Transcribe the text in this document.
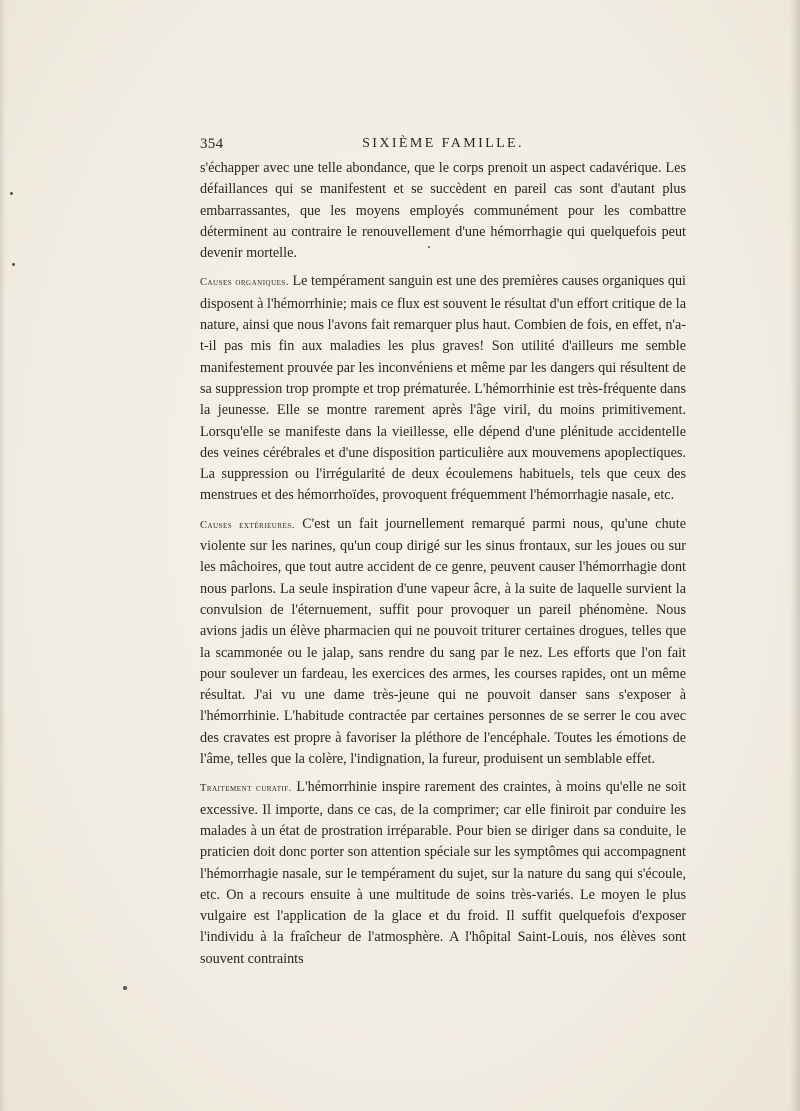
354	SIXIÈME FAMILLE.

s'échapper avec une telle abondance, que le corps prenoit un aspect cadavérique. Les défaillances qui se manifestent et se succèdent en pareil cas sont d'autant plus embarrassantes, que les moyens employés communément pour les combattre déterminent au contraire le renouvellement d'une hémorrhagie qui quelquefois peut devenir mortelle.

Causes organiques. Le tempérament sanguin est une des premières causes organiques qui disposent à l'hémorrhinie; mais ce flux est souvent le résultat d'un effort critique de la nature, ainsi que nous l'avons fait remarquer plus haut. Combien de fois, en effet, n'a-t-il pas mis fin aux maladies les plus graves! Son utilité d'ailleurs me semble manifestement prouvée par les inconvéniens et même par les dangers qui résultent de sa suppression trop prompte et trop prématurée. L'hémorrhinie est très-fréquente dans la jeunesse. Elle se montre rarement après l'âge viril, du moins primitivement. Lorsqu'elle se manifeste dans la vieillesse, elle dépend d'une plénitude accidentelle des veines cérébrales et d'une disposition particulière aux mouvemens apoplectiques. La suppression ou l'irrégularité de deux écoulemens habituels, tels que ceux des menstrues et des hémorrhoïdes, provoquent fréquemment l'hémorrhagie nasale, etc.

Causes extérieures. C'est un fait journellement remarqué parmi nous, qu'une chute violente sur les narines, qu'un coup dirigé sur les sinus frontaux, sur les joues ou sur les mâchoires, que tout autre accident de ce genre, peuvent causer l'hémorrhagie dont nous parlons. La seule inspiration d'une vapeur âcre, à la suite de laquelle survient la convulsion de l'éternuement, suffit pour provoquer un pareil phénomène. Nous avions jadis un élève pharmacien qui ne pouvoit triturer certaines drogues, telles que la scammonée ou le jalap, sans rendre du sang par le nez. Les efforts que l'on fait pour soulever un fardeau, les exercices des armes, les courses rapides, ont un même résultat. J'ai vu une dame très-jeune qui ne pouvoit danser sans s'exposer à l'hémorrhinie. L'habitude contractée par certaines personnes de se serrer le cou avec des cravates est propre à favoriser la pléthore de l'encéphale. Toutes les émotions de l'âme, telles que la colère, l'indignation, la fureur, produisent un semblable effet.

Traitement curatif. L'hémorrhinie inspire rarement des craintes, à moins qu'elle ne soit excessive. Il importe, dans ce cas, de la comprimer; car elle finiroit par conduire les malades à un état de prostration irréparable. Pour bien se diriger dans sa conduite, le praticien doit donc porter son attention spéciale sur les symptômes qui accompagnent l'hémorrhagie nasale, sur le tempérament du sujet, sur la nature du sang qui s'écoule, etc. On a recours ensuite à une multitude de soins très-variés. Le moyen le plus vulgaire est l'application de la glace et du froid. Il suffit quelquefois d'exposer l'individu à la fraîcheur de l'atmosphère. A l'hôpital Saint-Louis, nos élèves sont souvent contraints
